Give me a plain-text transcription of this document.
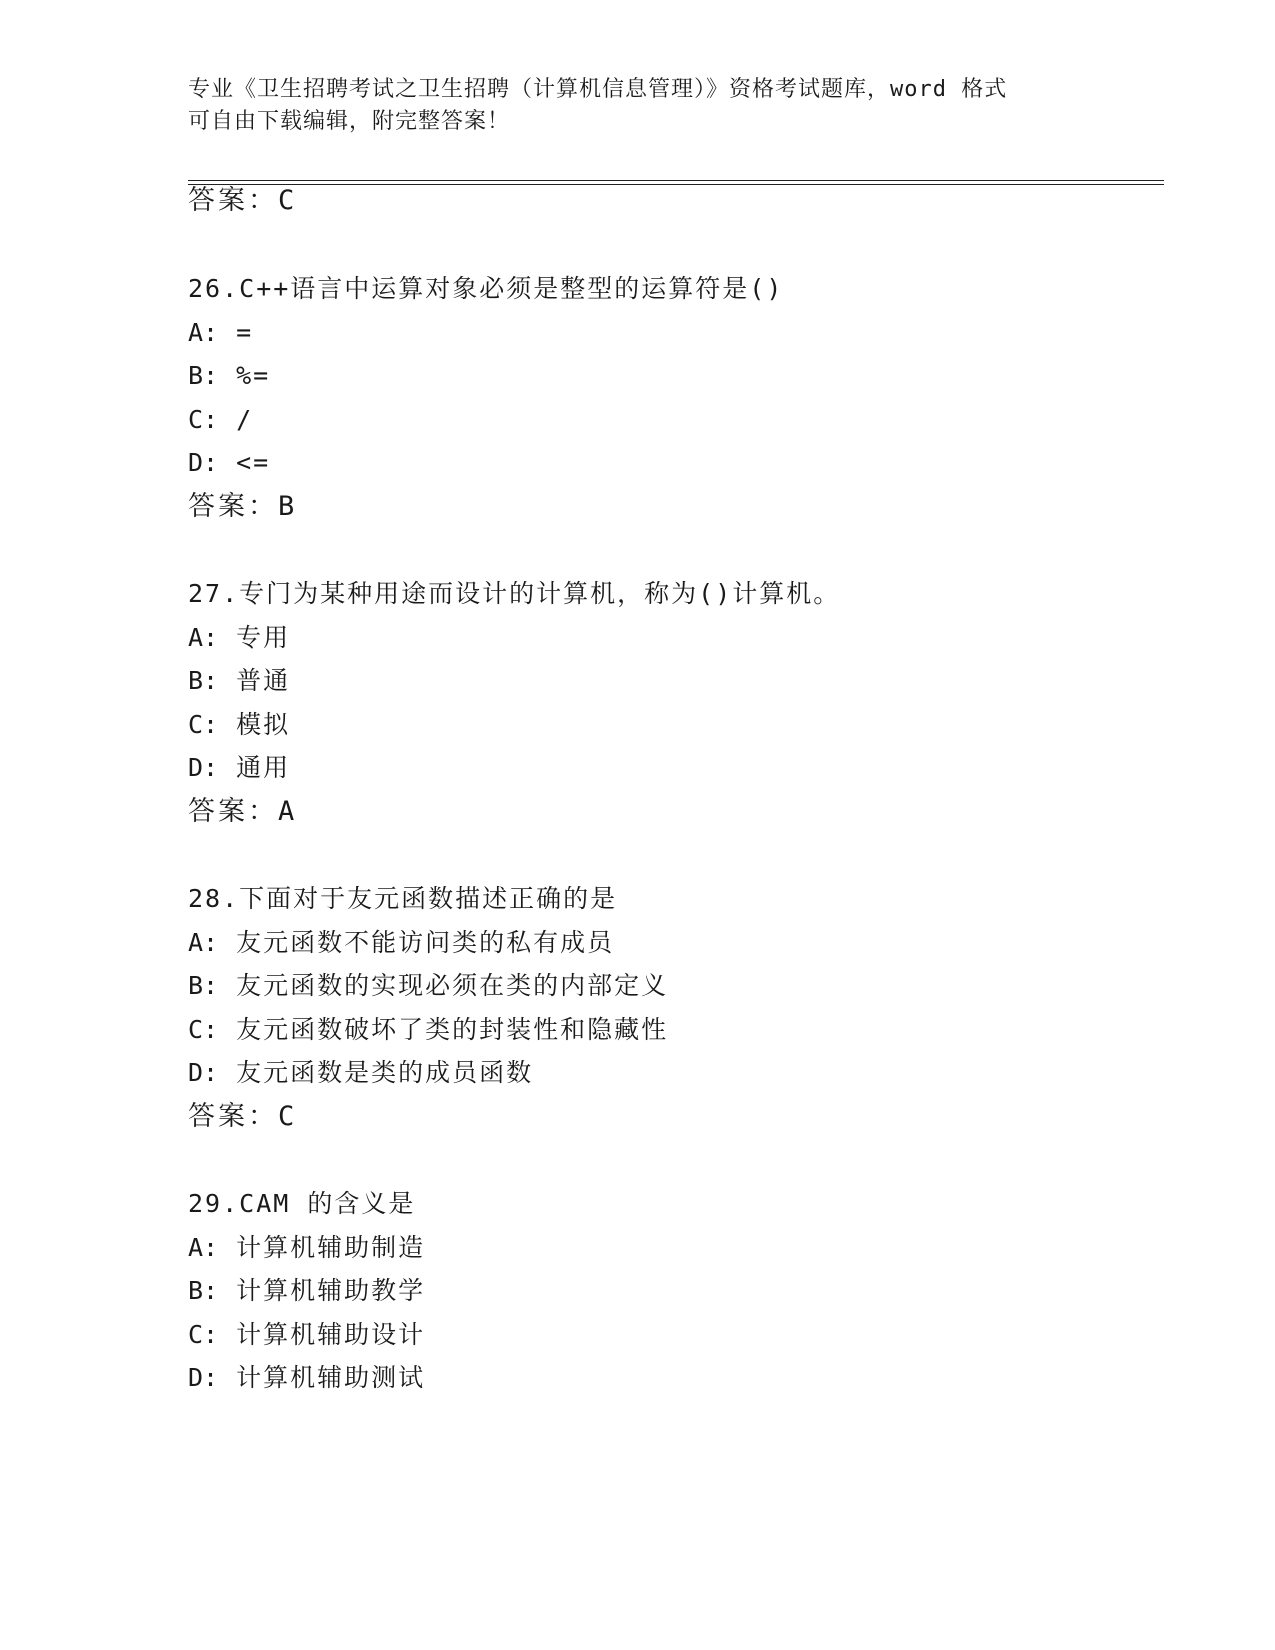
专业《卫生招聘考试之卫生招聘（计算机信息管理）》资格考试题库，word 格式
可自由下载编辑，附完整答案！
答案：C
26.C++语言中运算对象必须是整型的运算符是()
A: =
B: %=
C: /
D: <=
答案：B
27.专门为某种用途而设计的计算机，称为()计算机。
A: 专用
B: 普通
C: 模拟
D: 通用
答案：A
28.下面对于友元函数描述正确的是
A: 友元函数不能访问类的私有成员
B: 友元函数的实现必须在类的内部定义
C: 友元函数破坏了类的封装性和隐藏性
D: 友元函数是类的成员函数
答案：C
29.CAM 的含义是
A: 计算机辅助制造
B: 计算机辅助教学
C: 计算机辅助设计
D: 计算机辅助测试
